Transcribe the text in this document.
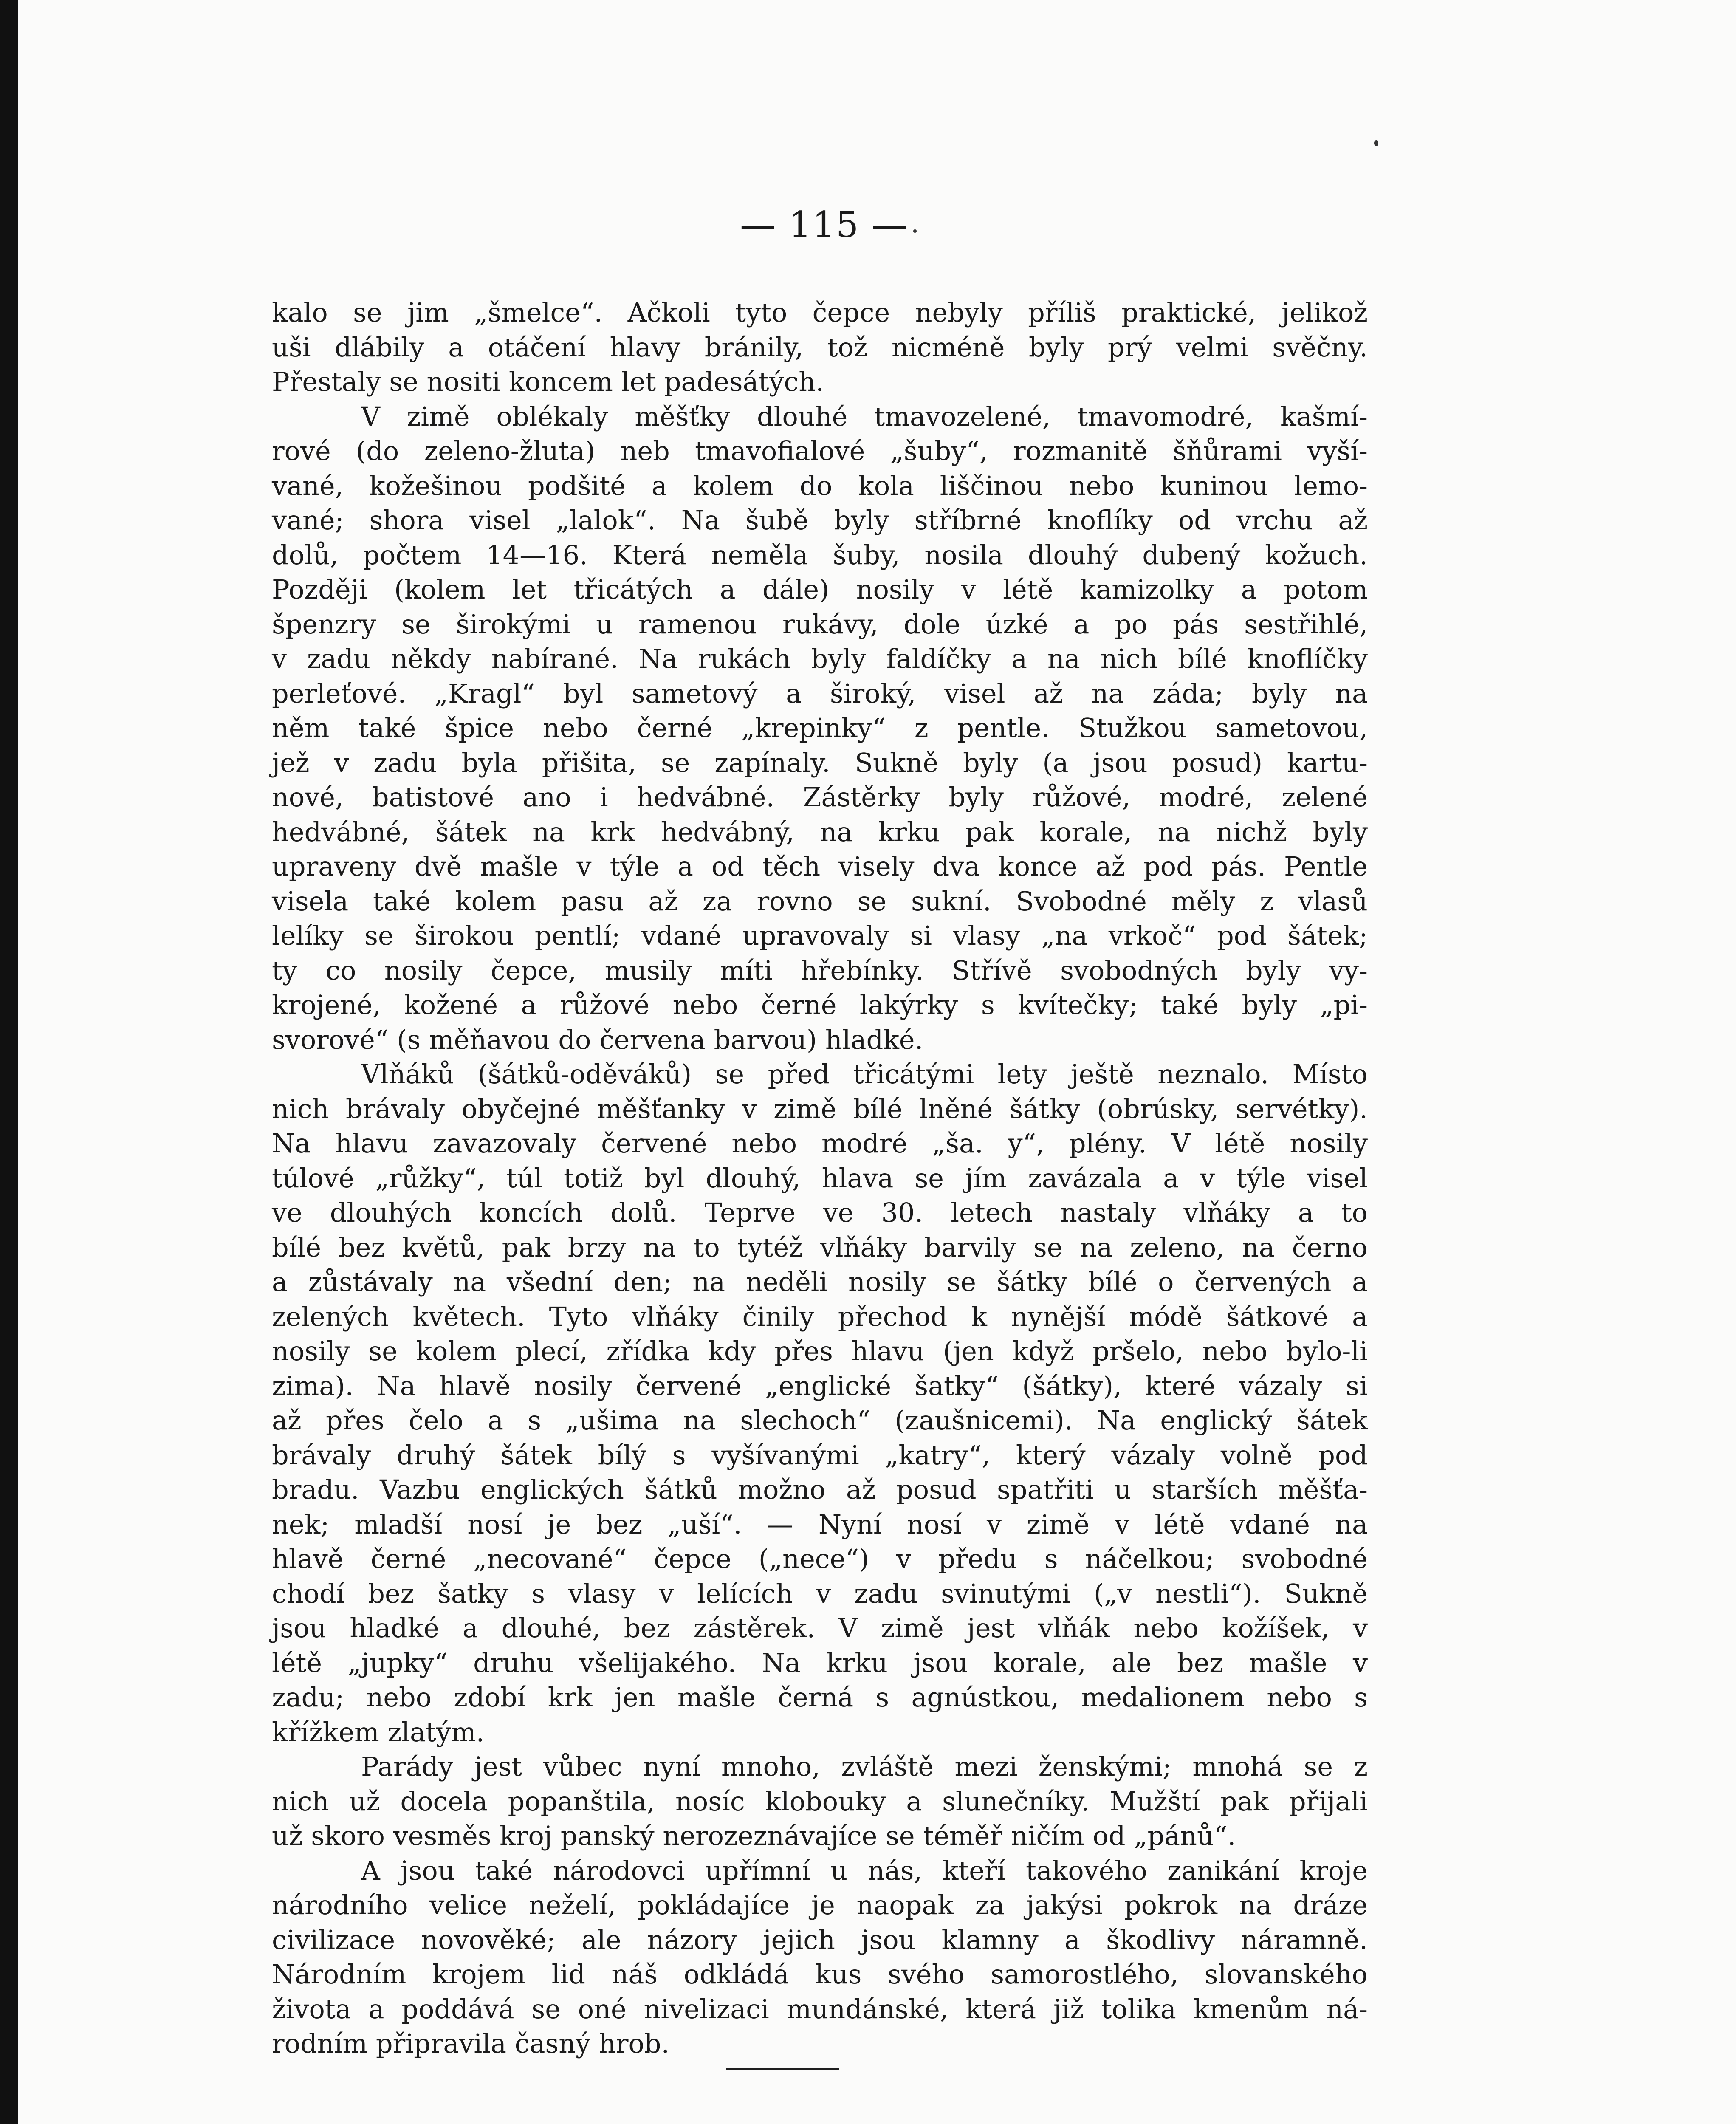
— 115 —
kalo se jim „šmelce“. Ačkoli tyto čepce nebyly příliš praktické, jelikož
uši dlábily a otáčení hlavy bránily, tož nicméně byly prý velmi svěčny.
Přestaly se nositi koncem let padesátých.
V zimě oblékaly měšťky dlouhé tmavozelené, tmavomodré, kašmí-
rové (do zeleno-žluta) neb tmavofialové „šuby“, rozmanitě šňůrami vyší-
vané, kožešinou podšité a kolem do kola liščinou nebo kuninou lemo-
vané; shora visel „lalok“. Na šubě byly stříbrné knoflíky od vrchu až
dolů, počtem 14—16. Která neměla šuby, nosila dlouhý dubený kožuch.
Později (kolem let třicátých a dále) nosily v létě kamizolky a potom
špenzry se širokými u ramenou rukávy, dole úzké a po pás sestřihlé,
v zadu někdy nabírané. Na rukách byly faldíčky a na nich bílé knoflíčky
perleťové. „Kragl“ byl sametový a široký, visel až na záda; byly na
něm také špice nebo černé „krepinky“ z pentle. Stužkou sametovou,
jež v zadu byla přišita, se zapínaly. Sukně byly (a jsou posud) kartu-
nové, batistové ano i hedvábné. Zástěrky byly růžové, modré, zelené
hedvábné, šátek na krk hedvábný, na krku pak korale, na nichž byly
upraveny dvě mašle v týle a od těch visely dva konce až pod pás. Pentle
visela také kolem pasu až za rovno se sukní. Svobodné měly z vlasů
lelíky se širokou pentlí; vdané upravovaly si vlasy „na vrkoč“ pod šátek;
ty co nosily čepce, musily míti hřebínky. Střívě svobodných byly vy-
krojené, kožené a růžové nebo černé lakýrky s kvítečky; také byly „pi-
svorové“ (s měňavou do červena barvou) hladké.
Vlňáků (šátků-oděváků) se před třicátými lety ještě neznalo. Místo
nich brávaly obyčejné měšťanky v zimě bílé lněné šátky (obrúsky, servétky).
Na hlavu zavazovaly červené nebo modré „ša. y“, plény. V létě nosily
túlové „růžky“, túl totiž byl dlouhý, hlava se jím zavázala a v týle visel
ve dlouhých koncích dolů. Teprve ve 30. letech nastaly vlňáky a to
bílé bez květů, pak brzy na to tytéž vlňáky barvily se na zeleno, na černo
a zůstávaly na všední den; na neděli nosily se šátky bílé o červených a
zelených květech. Tyto vlňáky činily přechod k nynější módě šátkové a
nosily se kolem plecí, zřídka kdy přes hlavu (jen když pršelo, nebo bylo-li
zima). Na hlavě nosily červené „englické šatky“ (šátky), které vázaly si
až přes čelo a s „ušima na slechoch“ (zaušnicemi). Na englický šátek
brávaly druhý šátek bílý s vyšívanými „katry“, který vázaly volně pod
bradu. Vazbu englických šátků možno až posud spatřiti u starších měšťa-
nek; mladší nosí je bez „uší“. — Nyní nosí v zimě v létě vdané na
hlavě černé „necované“ čepce („nece“) v předu s náčelkou; svobodné
chodí bez šatky s vlasy v lelících v zadu svinutými („v nestli“). Sukně
jsou hladké a dlouhé, bez zástěrek. V zimě jest vlňák nebo kožíšek, v
létě „jupky“ druhu všelijakého. Na krku jsou korale, ale bez mašle v
zadu; nebo zdobí krk jen mašle černá s agnústkou, medalionem nebo s
křížkem zlatým.
Parády jest vůbec nyní mnoho, zvláště mezi ženskými; mnohá se z
nich už docela popanštila, nosíc klobouky a slunečníky. Mužští pak přijali
už skoro vesměs kroj panský nerozeznávajíce se téměř ničím od „pánů“.
A jsou také národovci upřímní u nás, kteří takového zanikání kroje
národního velice neželí, pokládajíce je naopak za jakýsi pokrok na dráze
civilizace novověké; ale názory jejich jsou klamny a škodlivy náramně.
Národním krojem lid náš odkládá kus svého samorostlého, slovanského
života a poddává se oné nivelizaci mundánské, která již tolika kmenům ná-
rodním připravila časný hrob.
